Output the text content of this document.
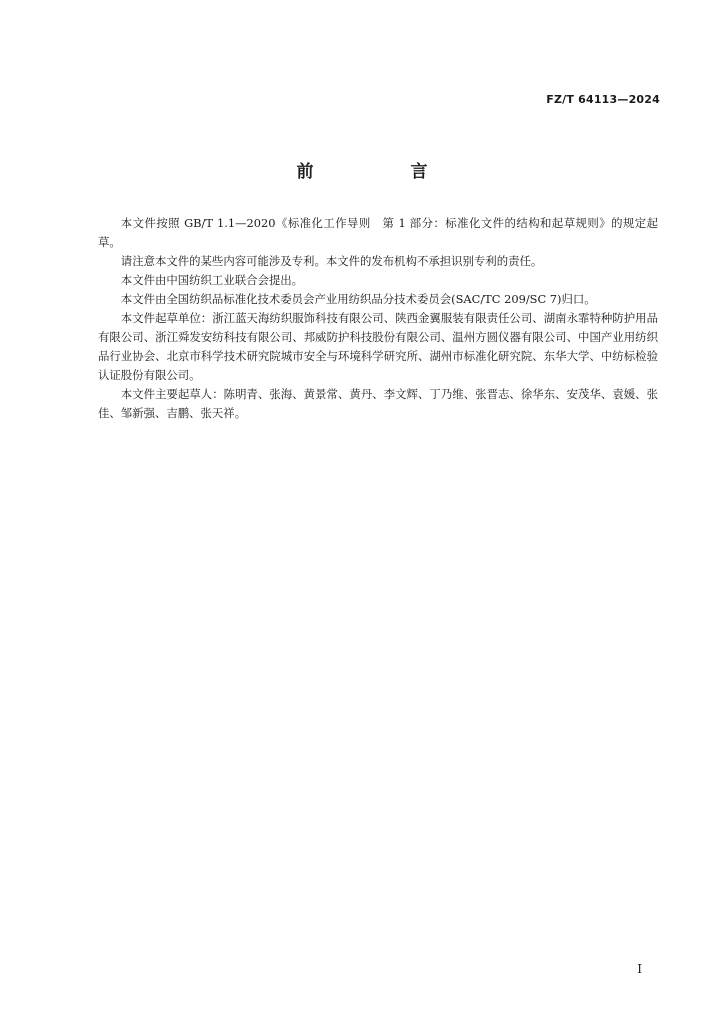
FZ/T 64113—2024
前　言

本文件按照 GB/T 1.1—2020《标准化工作导则　第 1 部分：标准化文件的结构和起草规则》的规定起草。

请注意本文件的某些内容可能涉及专利。本文件的发布机构不承担识别专利的责任。

本文件由中国纺织工业联合会提出。

本文件由全国纺织品标准化技术委员会产业用纺织品分技术委员会(SAC/TC 209/SC 7)归口。

本文件起草单位：浙江蓝天海纺织服饰科技有限公司、陕西金翼服装有限责任公司、湖南永霏特种防护用品有限公司、浙江舜发安纺科技有限公司、邦威防护科技股份有限公司、温州方圆仪器有限公司、中国产业用纺织品行业协会、北京市科学技术研究院城市安全与环境科学研究所、湖州市标准化研究院、东华大学、中纺标检验认证股份有限公司。

本文件主要起草人：陈明青、张海、黄景常、黄丹、李文辉、丁乃维、张晋志、徐华东、安茂华、袁媛、张佳、邹新强、吉鹏、张天祥。

I
